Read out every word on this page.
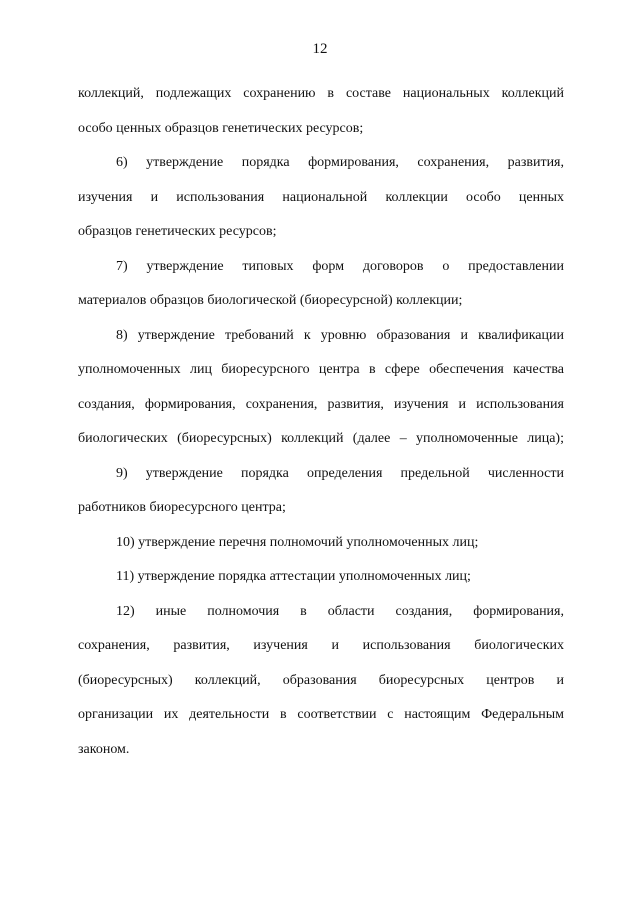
12
коллекций, подлежащих сохранению в составе национальных коллекций
особо ценных образцов генетических ресурсов;
6) утверждение порядка формирования, сохранения, развития,
изучения и использования национальной коллекции особо ценных
образцов генетических ресурсов;
7) утверждение типовых форм договоров о предоставлении
материалов образцов биологической (биоресурсной) коллекции;
8) утверждение требований к уровню образования и квалификации
уполномоченных лиц биоресурсного центра в сфере обеспечения качества
создания, формирования, сохранения, развития, изучения и использования
биологических (биоресурсных) коллекций (далее – уполномоченные лица);
9) утверждение порядка определения предельной численности
работников биоресурсного центра;
10) утверждение перечня полномочий уполномоченных лиц;
11) утверждение порядка аттестации уполномоченных лиц;
12) иные полномочия в области создания, формирования,
сохранения, развития, изучения и использования биологических
(биоресурсных) коллекций, образования биоресурсных центров и
организации их деятельности в соответствии с настоящим Федеральным
законом.
